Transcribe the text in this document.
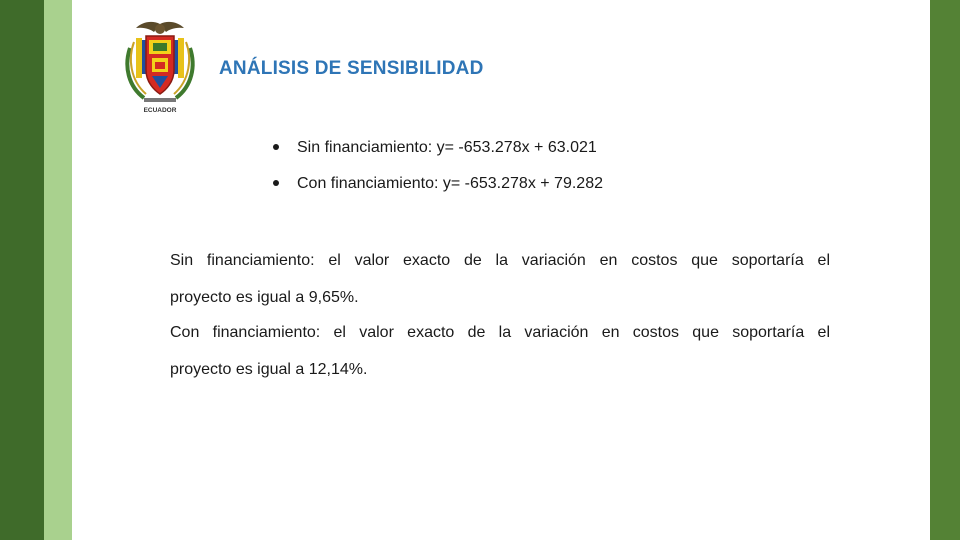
ECUADOR
ANÁLISIS DE SENSIBILIDAD
Sin financiamiento: y= -653.278x + 63.021
Con financiamiento: y= -653.278x + 79.282

Sin financiamiento: el valor exacto de la variación en costos que soportaría el
proyecto es igual a 9,65%.

Con financiamiento: el valor exacto de la variación en costos que soportaría el
proyecto es igual a 12,14%.
